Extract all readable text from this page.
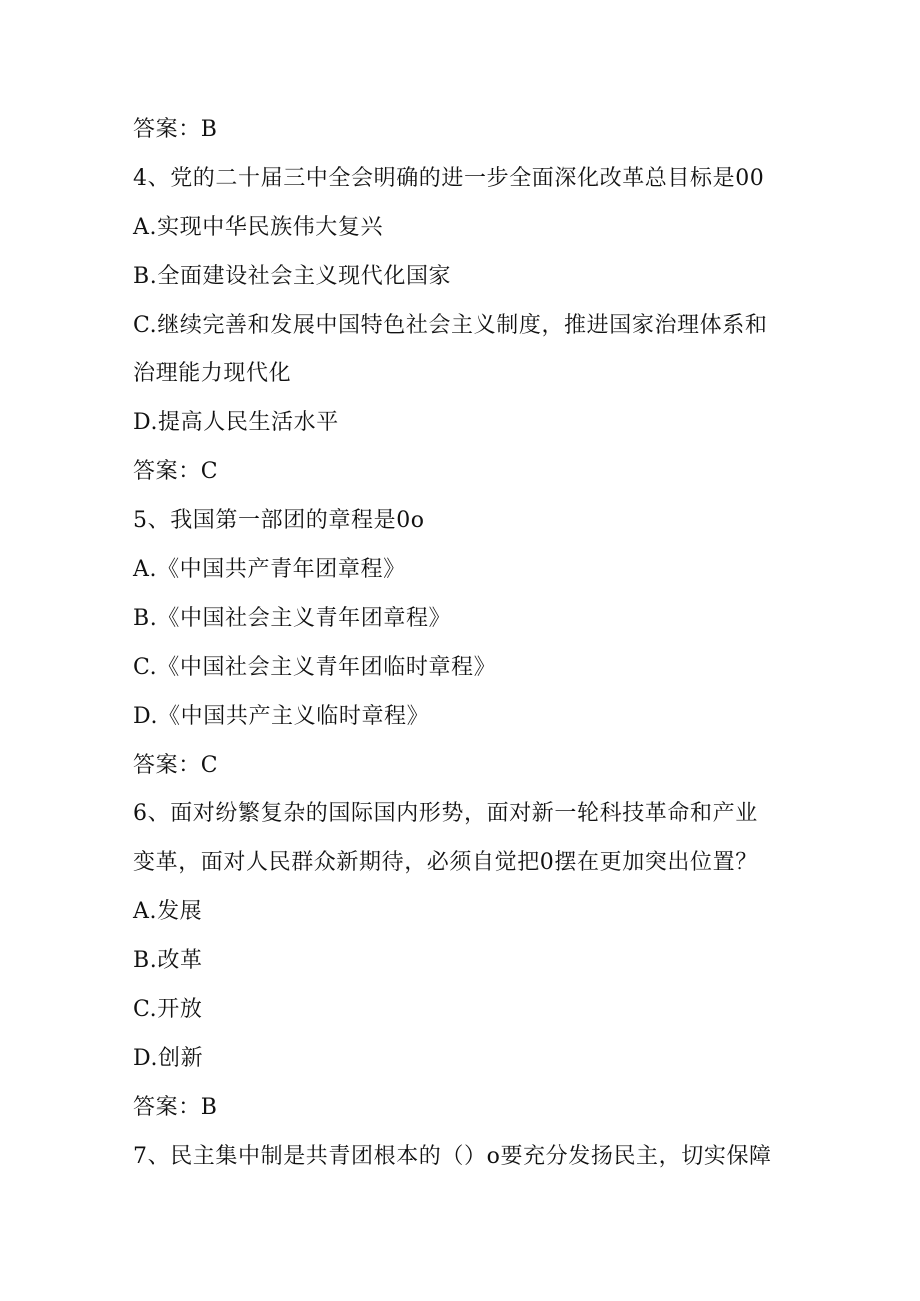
答案：B
4、党的二十届三中全会明确的进一步全面深化改革总目标是00
A.实现中华民族伟大复兴
B.全面建设社会主义现代化国家
C.继续完善和发展中国特色社会主义制度，推进国家治理体系和
治理能力现代化
D.提高人民生活水平
答案：C
5、我国第一部团的章程是0o
A.《中国共产青年团章程》
B.《中国社会主义青年团章程》
C.《中国社会主义青年团临时章程》
D.《中国共产主义临时章程》
答案：C
6、面对纷繁复杂的国际国内形势，面对新一轮科技革命和产业
变革，面对人民群众新期待，必须自觉把0摆在更加突出位置？
A.发展
B.改革
C.开放
D.创新
答案：B
7、民主集中制是共青团根本的（）o要充分发扬民主，切实保障
